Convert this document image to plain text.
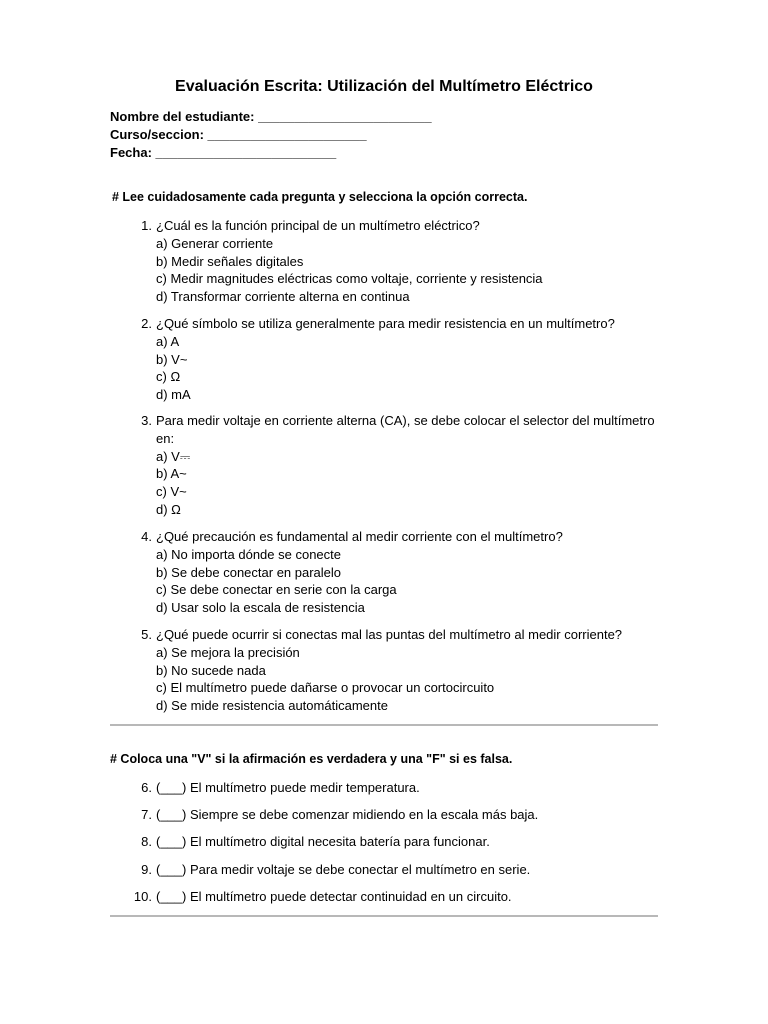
Evaluación Escrita: Utilización del Multímetro Eléctrico
Nombre del estudiante: ________________________
Curso/seccion: ______________________
Fecha: _________________________
# Lee cuidadosamente cada pregunta y selecciona la opción correcta.
1. ¿Cuál es la función principal de un multímetro eléctrico?
a) Generar corriente
b) Medir señales digitales
c) Medir magnitudes eléctricas como voltaje, corriente y resistencia
d) Transformar corriente alterna en continua
2. ¿Qué símbolo se utiliza generalmente para medir resistencia en un multímetro?
a) A
b) V~
c) Ω
d) mA
3. Para medir voltaje en corriente alterna (CA), se debe colocar el selector del multímetro en:
a) V⎓
b) A~
c) V~
d) Ω
4. ¿Qué precaución es fundamental al medir corriente con el multímetro?
a) No importa dónde se conecte
b) Se debe conectar en paralelo
c) Se debe conectar en serie con la carga
d) Usar solo la escala de resistencia
5. ¿Qué puede ocurrir si conectas mal las puntas del multímetro al medir corriente?
a) Se mejora la precisión
b) No sucede nada
c) El multímetro puede dañarse o provocar un cortocircuito
d) Se mide resistencia automáticamente
# Coloca una "V" si la afirmación es verdadera y una "F" si es falsa.
6. (___) El multímetro puede medir temperatura.
7. (___) Siempre se debe comenzar midiendo en la escala más baja.
8. (___) El multímetro digital necesita batería para funcionar.
9. (___) Para medir voltaje se debe conectar el multímetro en serie.
10. (___) El multímetro puede detectar continuidad en un circuito.
